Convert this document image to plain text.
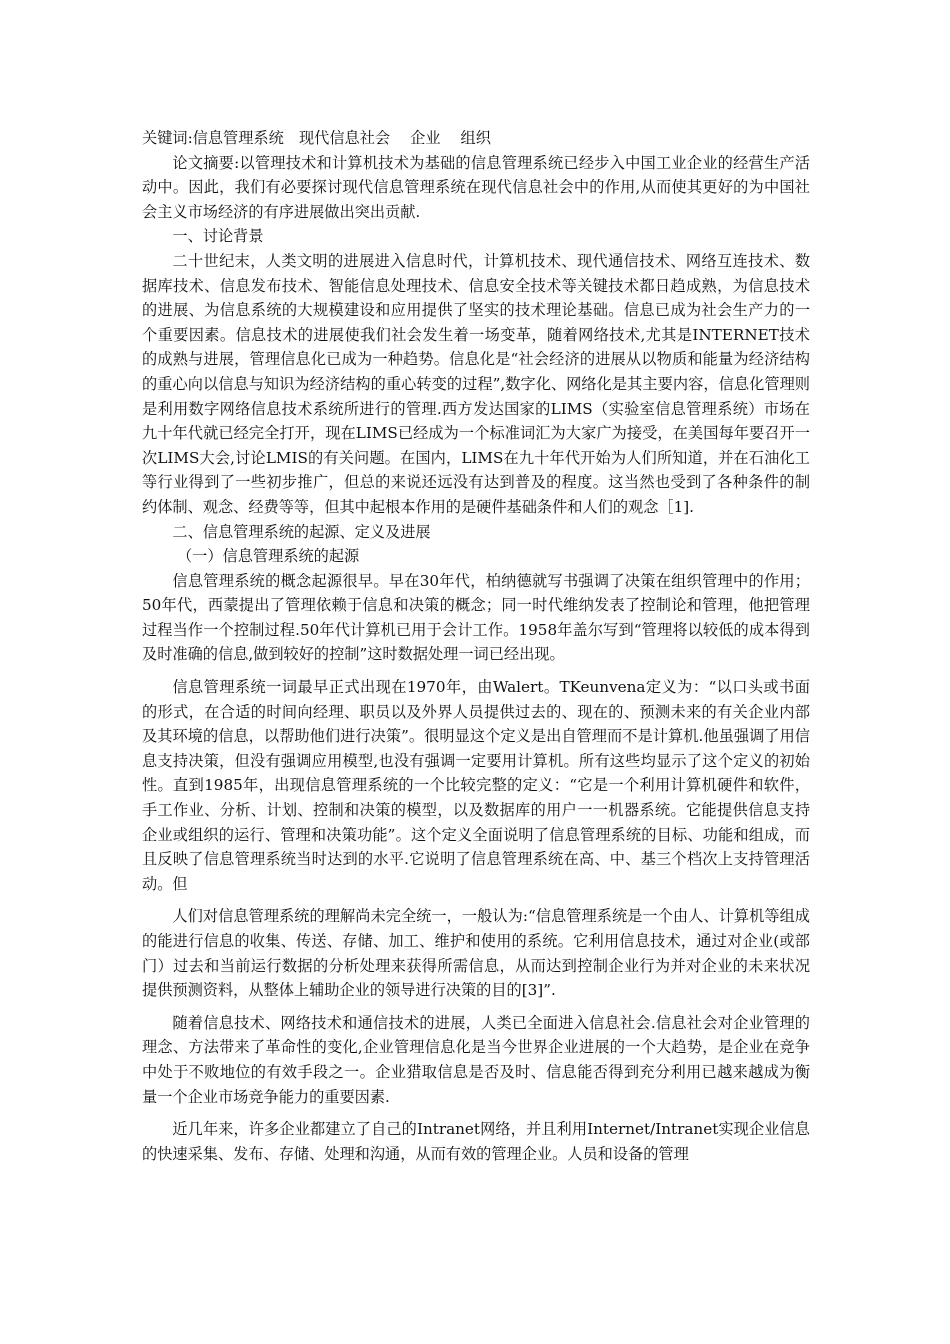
关键词:信息管理系统　现代信息社会　 企业　 组织

论文摘要:以管理技术和计算机技术为基础的信息管理系统已经步入中国工业企业的经营生产活动中。因此，我们有必要探讨现代信息管理系统在现代信息社会中的作用,从而使其更好的为中国社会主义市场经济的有序进展做出突出贡献.

一、讨论背景

二十世纪末，人类文明的进展进入信息时代，计算机技术、现代通信技术、网络互连技术、数据库技术、信息发布技术、智能信息处理技术、信息安全技术等关键技术都日趋成熟，为信息技术的进展、为信息系统的大规模建设和应用提供了坚实的技术理论基础。信息已成为社会生产力的一个重要因素。信息技术的进展使我们社会发生着一场变革，随着网络技术,尤其是INTERNET技术的成熟与进展，管理信息化已成为一种趋势。信息化是“社会经济的进展从以物质和能量为经济结构的重心向以信息与知识为经济结构的重心转变的过程”,数字化、网络化是其主要内容，信息化管理则是利用数字网络信息技术系统所进行的管理.西方发达国家的LIMS（实验室信息管理系统）市场在九十年代就已经完全打开，现在LIMS已经成为一个标准词汇为大家广为接受，在美国每年要召开一次LIMS大会,讨论LMIS的有关问题。在国内，LIMS在九十年代开始为人们所知道，并在石油化工等行业得到了一些初步推广，但总的来说还远没有达到普及的程度。这当然也受到了各种条件的制约体制、观念、经费等等，但其中起根本作用的是硬件基础条件和人们的观念［1].

二、信息管理系统的起源、定义及进展

（一）信息管理系统的起源

信息管理系统的概念起源很早。早在30年代，柏纳德就写书强调了决策在组织管理中的作用；50年代，西蒙提出了管理依赖于信息和决策的概念；同一时代维纳发表了控制论和管理，他把管理过程当作一个控制过程.50年代计算机已用于会计工作。1958年盖尔写到“管理将以较低的成本得到及时准确的信息,做到较好的控制”这时数据处理一词已经出现。

信息管理系统一词最早正式出现在1970年，由Walert。TKeunvena定义为：“以口头或书面的形式，在合适的时间向经理、职员以及外界人员提供过去的、现在的、预测未来的有关企业内部及其环境的信息，以帮助他们进行决策”。很明显这个定义是出自管理而不是计算机.他虽强调了用信息支持决策，但没有强调应用模型,也没有强调一定要用计算机。所有这些均显示了这个定义的初始性。直到1985年，出现信息管理系统的一个比较完整的定义：“它是一个利用计算机硬件和软件，手工作业、分析、计划、控制和决策的模型，以及数据库的用户一一机器系统。它能提供信息支持企业或组织的运行、管理和决策功能”。这个定义全面说明了信息管理系统的目标、功能和组成，而且反映了信息管理系统当时达到的水平.它说明了信息管理系统在高、中、基三个档次上支持管理活动。但

人们对信息管理系统的理解尚未完全统一，一般认为:“信息管理系统是一个由人、计算机等组成的能进行信息的收集、传送、存储、加工、维护和使用的系统。它利用信息技术，通过对企业(或部门）过去和当前运行数据的分析处理来获得所需信息，从而达到控制企业行为并对企业的未来状况提供预测资料，从整体上辅助企业的领导进行决策的目的[3]”.

随着信息技术、网络技术和通信技术的进展，人类已全面进入信息社会.信息社会对企业管理的理念、方法带来了革命性的变化,企业管理信息化是当今世界企业进展的一个大趋势，是企业在竞争中处于不败地位的有效手段之一。企业猎取信息是否及时、信息能否得到充分利用已越来越成为衡量一个企业市场竞争能力的重要因素.

近几年来，许多企业都建立了自己的Intranet网络，并且利用Internet/Intranet实现企业信息的快速采集、发布、存储、处理和沟通，从而有效的管理企业。人员和设备的管理
